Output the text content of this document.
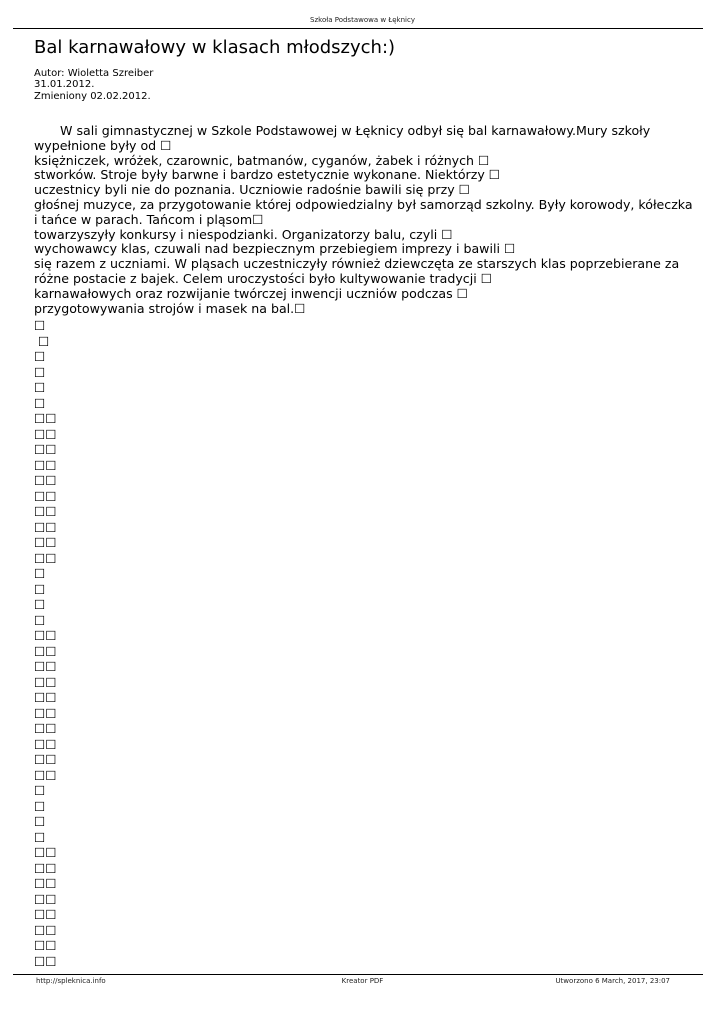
Szkoła Podstawowa w Łęknicy
Bal karnawałowy w klasach młodszych:)
Autor: Wioletta Szreiber
31.01.2012.
Zmieniony 02.02.2012.

W sali gimnastycznej w Szkole Podstawowej w Łęknicy odbył się bal karnawałowy.Mury szkoły

wypełnione były od ☐

księżniczek, wróżek, czarownic, batmanów, cyganów, żabek i różnych ☐

stworków. Stroje były barwne i bardzo estetycznie wykonane. Niektórzy ☐

uczestnicy byli nie do poznania. Uczniowie radośnie bawili się przy ☐

głośnej muzyce, za przygotowanie której odpowiedzialny był samorząd szkolny. Były korowody, kółeczka

i tańce w parach. Tańcom i pląsom☐

towarzyszyły konkursy i niespodzianki. Organizatorzy balu, czyli ☐

wychowawcy klas, czuwali nad bezpiecznym przebiegiem imprezy i bawili ☐

się razem z uczniami. W pląsach uczestniczyły również dziewczęta ze starszych klas poprzebierane za

różne postacie z bajek. Celem uroczystości było kultywowanie tradycji ☐

karnawałowych oraz rozwijanie twórczej inwencji uczniów podczas ☐

przygotowywania strojów i masek na bal.☐

☐
☐
☐
☐
☐
☐
☐☐
☐☐
☐☐
☐☐
☐☐
☐☐
☐☐
☐☐
☐☐
☐☐
☐
☐
☐
☐
☐☐
☐☐
☐☐
☐☐
☐☐
☐☐
☐☐
☐☐
☐☐
☐☐
☐
☐
☐
☐
☐☐
☐☐
☐☐
☐☐
☐☐
☐☐
☐☐
☐☐
http://spleknica.info	Kreator PDF	Utworzono 6 March, 2017, 23:07
